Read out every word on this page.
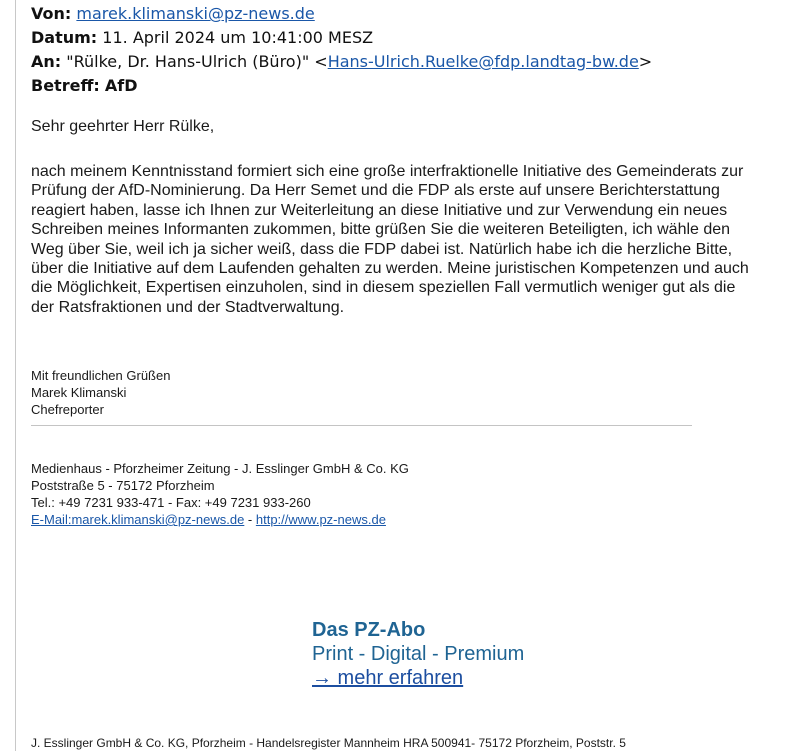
Von: marek.klimanski@pz-news.de
Datum: 11. April 2024 um 10:41:00 MESZ
An: "Rülke, Dr. Hans-Ulrich (Büro)" <Hans-Ulrich.Ruelke@fdp.landtag-bw.de>
Betreff: AfD
Sehr geehrter Herr Rülke,
nach meinem Kenntnisstand formiert sich eine große interfraktionelle Initiative des Gemeinderats zur Prüfung der AfD-Nominierung. Da Herr Semet und die FDP als erste auf unsere Berichterstattung reagiert haben, lasse ich Ihnen zur Weiterleitung an diese Initiative und zur Verwendung ein neues Schreiben meines Informanten zukommen, bitte grüßen Sie die weiteren Beteiligten, ich wähle den Weg über Sie, weil ich ja sicher weiß, dass die FDP dabei ist. Natürlich habe ich die herzliche Bitte, über die Initiative auf dem Laufenden gehalten zu werden. Meine juristischen Kompetenzen und auch die Möglichkeit, Expertisen einzuholen, sind in diesem speziellen Fall vermutlich weniger gut als die der Ratsfraktionen und der Stadtverwaltung.
Mit freundlichen Grüßen
Marek Klimanski
Chefreporter
Medienhaus - Pforzheimer Zeitung - J. Esslinger GmbH & Co. KG
Poststraße 5 - 75172 Pforzheim
Tel.: +49 7231 933-471 - Fax: +49 7231 933-260
E-Mail:marek.klimanski@pz-news.de - http://www.pz-news.de
Das PZ-Abo
Print - Digital - Premium
→ mehr erfahren
J. Esslinger GmbH & Co. KG, Pforzheim - Handelsregister Mannheim HRA 500941- 75172 Pforzheim, Poststr. 5
